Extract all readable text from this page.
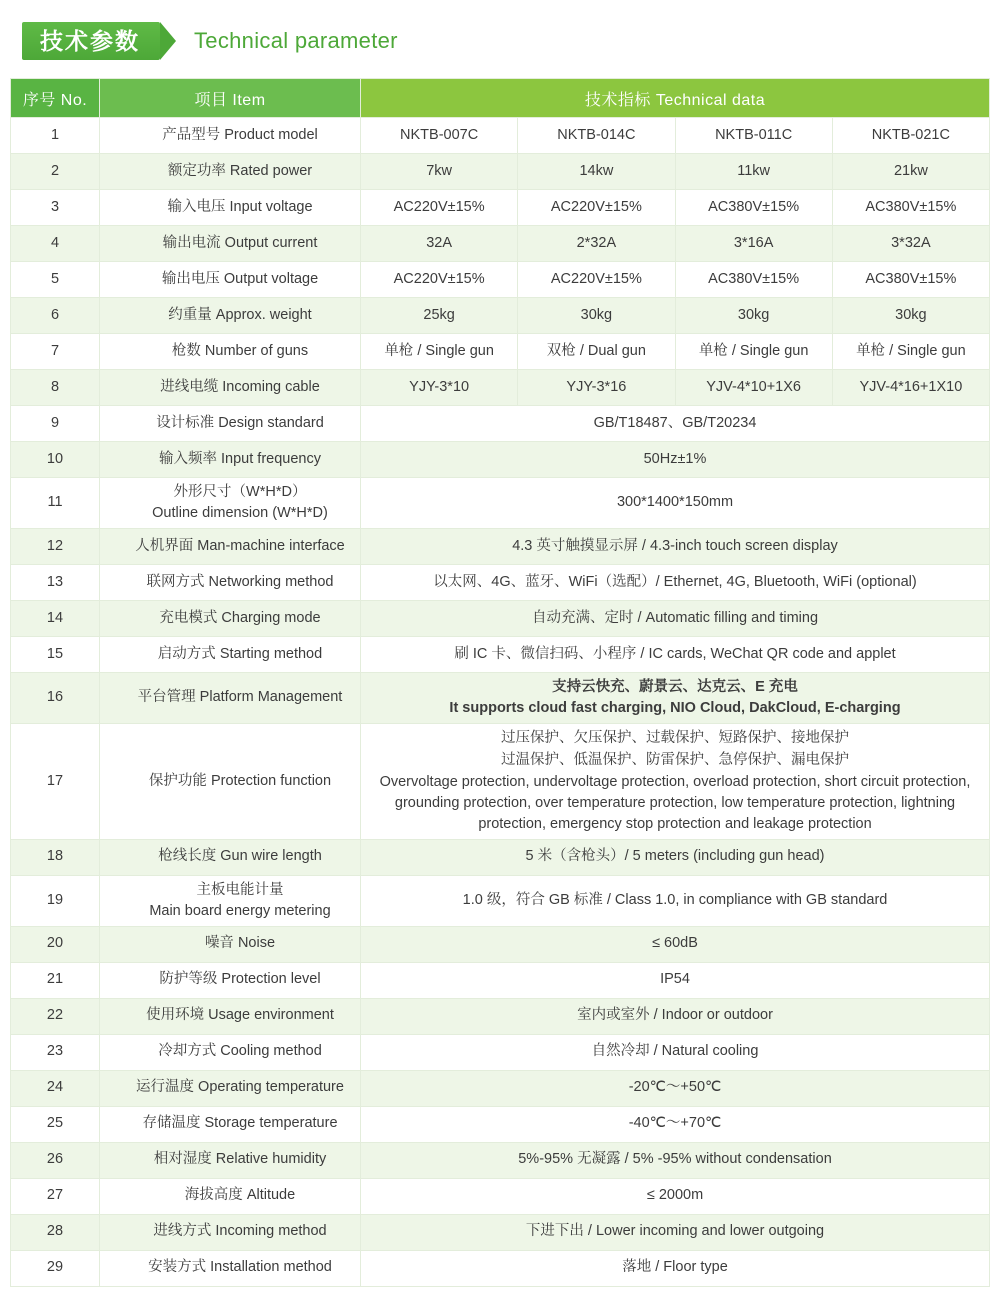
技术参数	Technical parameter
序号 No.	项目 Item	技术指标 Technical data			
1	产品型号 Product model	NKTB-007C	NKTB-014C	NKTB-011C	NKTB-021C
2	额定功率 Rated power	7kw	14kw	11kw	21kw
3	输入电压 Input voltage	AC220V±15%	AC220V±15%	AC380V±15%	AC380V±15%
4	输出电流 Output current	32A	2*32A	3*16A	3*32A
5	输出电压 Output voltage	AC220V±15%	AC220V±15%	AC380V±15%	AC380V±15%
6	约重量 Approx. weight	25kg	30kg	30kg	30kg
7	枪数 Number of guns	单枪 / Single gun	双枪 / Dual gun	单枪 / Single gun	单枪 / Single gun
8	进线电缆 Incoming cable	YJY-3*10	YJY-3*16	YJV-4*10+1X6	YJV-4*16+1X10
9	设计标准 Design standard	GB/T18487、GB/T20234			
10	输入频率 Input frequency	50Hz±1%			
11	外形尺寸（W*H*D）
Outline dimension (W*H*D)	300*1400*150mm			
12	人机界面 Man-machine interface	4.3 英寸触摸显示屏 / 4.3-inch touch screen display			
13	联网方式 Networking method	以太网、4G、蓝牙、WiFi（选配）/ Ethernet, 4G, Bluetooth, WiFi (optional)			
14	充电模式 Charging mode	自动充满、定时 / Automatic filling and timing			
15	启动方式 Starting method	刷 IC 卡、微信扫码、小程序 / IC cards, WeChat QR code and applet			
16	平台管理 Platform Management	支持云快充、蔚景云、达克云、E 充电
It supports cloud fast charging, NIO Cloud, DakCloud, E-charging			

17	保护功能 Protection function	过压保护、欠压保护、过载保护、短路保护、接地保护
过温保护、低温保护、防雷保护、急停保护、漏电保护
Overvoltage protection, undervoltage protection, overload protection, short circuit protection,
grounding protection, over temperature protection, low temperature protection, lightning
protection, emergency stop protection and leakage protection			

18	枪线长度 Gun wire length	5 米（含枪头）/ 5 meters (including gun head)			
19	主板电能计量
Main board energy metering	1.0 级，符合 GB 标准 / Class 1.0, in compliance with GB standard			
20	噪音 Noise	≤ 60dB			
21	防护等级 Protection level	IP54			
22	使用环境 Usage environment	室内或室外 / Indoor or outdoor			
23	冷却方式 Cooling method	自然冷却 / Natural cooling			
24	运行温度 Operating temperature	-20℃～+50℃			
25	存储温度 Storage temperature	-40℃～+70℃			
26	相对湿度 Relative humidity	5%-95% 无凝露 / 5% -95% without condensation			
27	海拔高度 Altitude	≤ 2000m			
28	进线方式 Incoming method	下进下出 / Lower incoming and lower outgoing			
29	安装方式 Installation method	落地 / Floor type			
